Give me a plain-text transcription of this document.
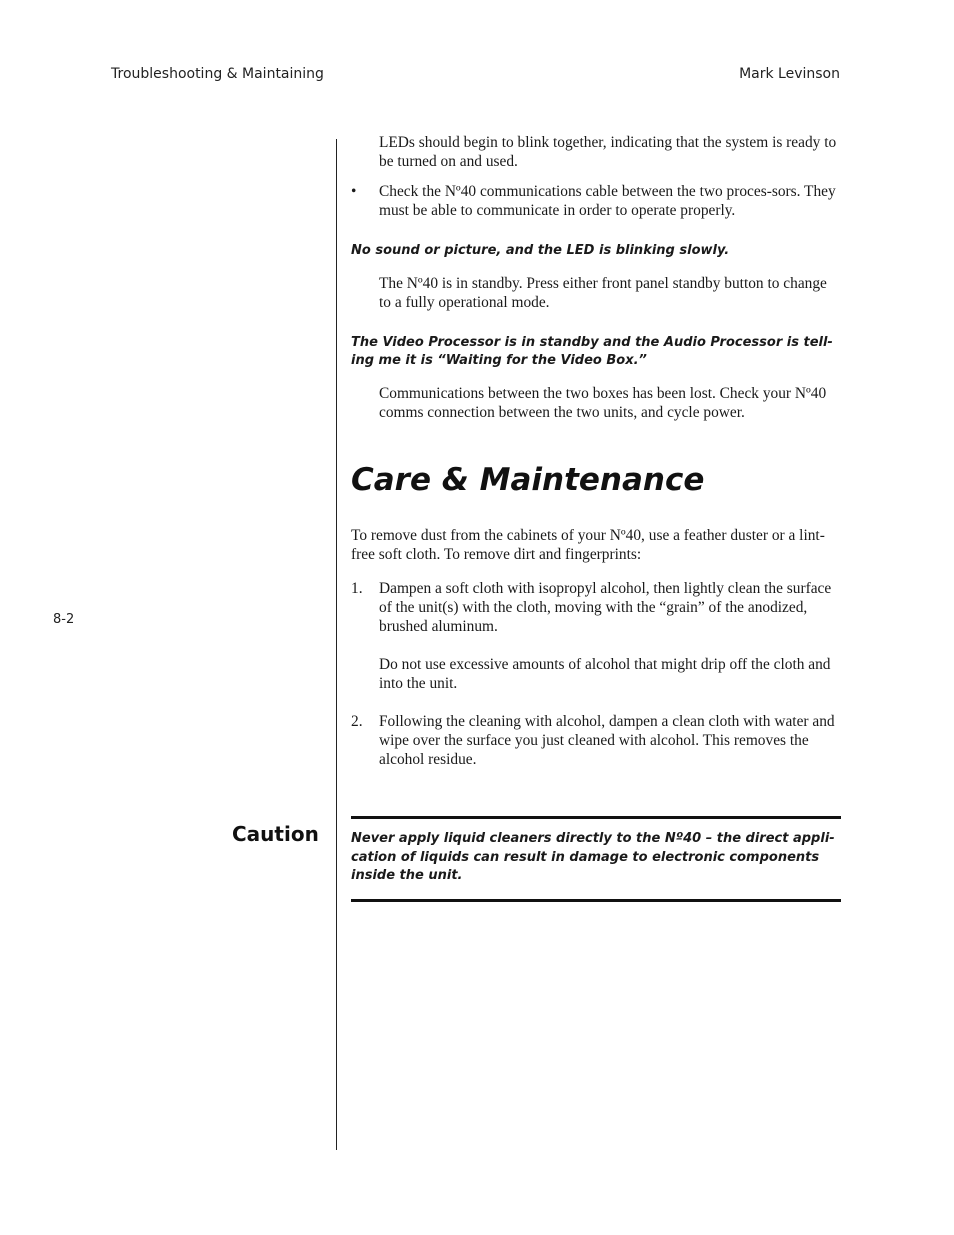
Troubleshooting & Maintaining	Mark Levinson
8-2

LEDs should begin to blink together, indicating that the system is ready to be turned on and used.

•	Check the Nº40 communications cable between the two proces-sors. They must be able to communicate in order to operate properly.

No sound or picture, and the LED is blinking slowly.

The Nº40 is in standby. Press either front panel standby button to change to a fully operational mode.

The Video Processor is in standby and the Audio Processor is tell-ing me it is “Waiting for the Video Box.”

Communications between the two boxes has been lost. Check your Nº40 comms connection between the two units, and cycle power.

Care & Maintenance

To remove dust from the cabinets of your Nº40, use a feather duster or a lint-free soft cloth. To remove dirt and fingerprints:

1.	Dampen a soft cloth with isopropyl alcohol, then lightly clean the surface of the unit(s) with the cloth, moving with the “grain” of the anodized, brushed aluminum.

Do not use excessive amounts of alcohol that might drip off the cloth and into the unit.

2.	Following the cleaning with alcohol, dampen a clean cloth with water and wipe over the surface you just cleaned with alcohol. This removes the alcohol residue.
Caution Never apply liquid cleaners directly to the Nº40 – the direct appli-cation of liquids can result in damage to electronic components inside the unit.
